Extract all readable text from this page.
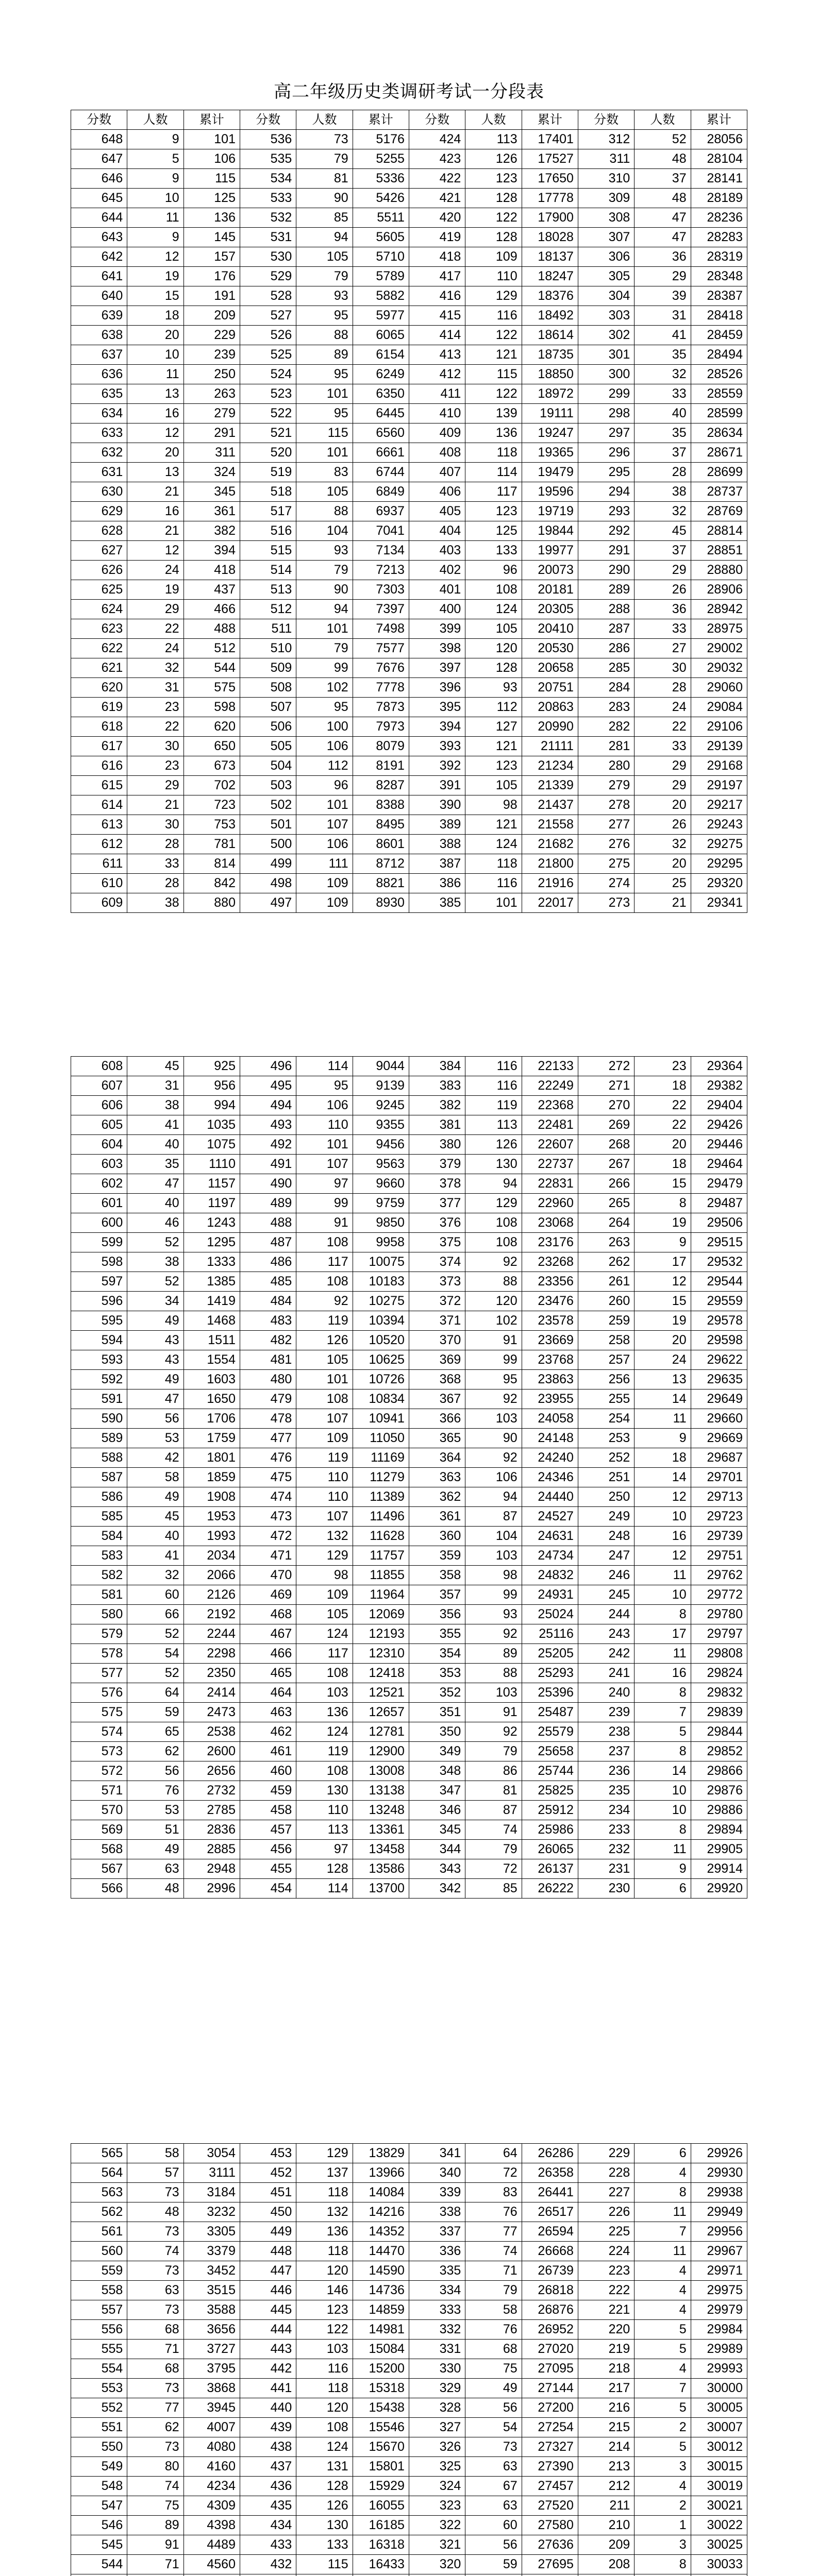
高二年级历史类调研考试一分段表
分数	人数	累计	分数	人数	累计	分数	人数	累计	分数	人数	累计
648	9	101	536	73	5176	424	113	17401	312	52	28056
647	5	106	535	79	5255	423	126	17527	311	48	28104
646	9	115	534	81	5336	422	123	17650	310	37	28141
645	10	125	533	90	5426	421	128	17778	309	48	28189
644	11	136	532	85	5511	420	122	17900	308	47	28236
643	9	145	531	94	5605	419	128	18028	307	47	28283
642	12	157	530	105	5710	418	109	18137	306	36	28319
641	19	176	529	79	5789	417	110	18247	305	29	28348
640	15	191	528	93	5882	416	129	18376	304	39	28387
639	18	209	527	95	5977	415	116	18492	303	31	28418
638	20	229	526	88	6065	414	122	18614	302	41	28459
637	10	239	525	89	6154	413	121	18735	301	35	28494
636	11	250	524	95	6249	412	115	18850	300	32	28526
635	13	263	523	101	6350	411	122	18972	299	33	28559
634	16	279	522	95	6445	410	139	19111	298	40	28599
633	12	291	521	115	6560	409	136	19247	297	35	28634
632	20	311	520	101	6661	408	118	19365	296	37	28671
631	13	324	519	83	6744	407	114	19479	295	28	28699
630	21	345	518	105	6849	406	117	19596	294	38	28737
629	16	361	517	88	6937	405	123	19719	293	32	28769
628	21	382	516	104	7041	404	125	19844	292	45	28814
627	12	394	515	93	7134	403	133	19977	291	37	28851
626	24	418	514	79	7213	402	96	20073	290	29	28880
625	19	437	513	90	7303	401	108	20181	289	26	28906
624	29	466	512	94	7397	400	124	20305	288	36	28942
623	22	488	511	101	7498	399	105	20410	287	33	28975
622	24	512	510	79	7577	398	120	20530	286	27	29002
621	32	544	509	99	7676	397	128	20658	285	30	29032
620	31	575	508	102	7778	396	93	20751	284	28	29060
619	23	598	507	95	7873	395	112	20863	283	24	29084
618	22	620	506	100	7973	394	127	20990	282	22	29106
617	30	650	505	106	8079	393	121	21111	281	33	29139
616	23	673	504	112	8191	392	123	21234	280	29	29168
615	29	702	503	96	8287	391	105	21339	279	29	29197
614	21	723	502	101	8388	390	98	21437	278	20	29217
613	30	753	501	107	8495	389	121	21558	277	26	29243
612	28	781	500	106	8601	388	124	21682	276	32	29275
611	33	814	499	111	8712	387	118	21800	275	20	29295
610	28	842	498	109	8821	386	116	21916	274	25	29320
609	38	880	497	109	8930	385	101	22017	273	21	29341
608	45	925	496	114	9044	384	116	22133	272	23	29364
607	31	956	495	95	9139	383	116	22249	271	18	29382
606	38	994	494	106	9245	382	119	22368	270	22	29404
605	41	1035	493	110	9355	381	113	22481	269	22	29426
604	40	1075	492	101	9456	380	126	22607	268	20	29446
603	35	1110	491	107	9563	379	130	22737	267	18	29464
602	47	1157	490	97	9660	378	94	22831	266	15	29479
601	40	1197	489	99	9759	377	129	22960	265	8	29487
600	46	1243	488	91	9850	376	108	23068	264	19	29506
599	52	1295	487	108	9958	375	108	23176	263	9	29515
598	38	1333	486	117	10075	374	92	23268	262	17	29532
597	52	1385	485	108	10183	373	88	23356	261	12	29544
596	34	1419	484	92	10275	372	120	23476	260	15	29559
595	49	1468	483	119	10394	371	102	23578	259	19	29578
594	43	1511	482	126	10520	370	91	23669	258	20	29598
593	43	1554	481	105	10625	369	99	23768	257	24	29622
592	49	1603	480	101	10726	368	95	23863	256	13	29635
591	47	1650	479	108	10834	367	92	23955	255	14	29649
590	56	1706	478	107	10941	366	103	24058	254	11	29660
589	53	1759	477	109	11050	365	90	24148	253	9	29669
588	42	1801	476	119	11169	364	92	24240	252	18	29687
587	58	1859	475	110	11279	363	106	24346	251	14	29701
586	49	1908	474	110	11389	362	94	24440	250	12	29713
585	45	1953	473	107	11496	361	87	24527	249	10	29723
584	40	1993	472	132	11628	360	104	24631	248	16	29739
583	41	2034	471	129	11757	359	103	24734	247	12	29751
582	32	2066	470	98	11855	358	98	24832	246	11	29762
581	60	2126	469	109	11964	357	99	24931	245	10	29772
580	66	2192	468	105	12069	356	93	25024	244	8	29780
579	52	2244	467	124	12193	355	92	25116	243	17	29797
578	54	2298	466	117	12310	354	89	25205	242	11	29808
577	52	2350	465	108	12418	353	88	25293	241	16	29824
576	64	2414	464	103	12521	352	103	25396	240	8	29832
575	59	2473	463	136	12657	351	91	25487	239	7	29839
574	65	2538	462	124	12781	350	92	25579	238	5	29844
573	62	2600	461	119	12900	349	79	25658	237	8	29852
572	56	2656	460	108	13008	348	86	25744	236	14	29866
571	76	2732	459	130	13138	347	81	25825	235	10	29876
570	53	2785	458	110	13248	346	87	25912	234	10	29886
569	51	2836	457	113	13361	345	74	25986	233	8	29894
568	49	2885	456	97	13458	344	79	26065	232	11	29905
567	63	2948	455	128	13586	343	72	26137	231	9	29914
566	48	2996	454	114	13700	342	85	26222	230	6	29920
565	58	3054	453	129	13829	341	64	26286	229	6	29926
564	57	3111	452	137	13966	340	72	26358	228	4	29930
563	73	3184	451	118	14084	339	83	26441	227	8	29938
562	48	3232	450	132	14216	338	76	26517	226	11	29949
561	73	3305	449	136	14352	337	77	26594	225	7	29956
560	74	3379	448	118	14470	336	74	26668	224	11	29967
559	73	3452	447	120	14590	335	71	26739	223	4	29971
558	63	3515	446	146	14736	334	79	26818	222	4	29975
557	73	3588	445	123	14859	333	58	26876	221	4	29979
556	68	3656	444	122	14981	332	76	26952	220	5	29984
555	71	3727	443	103	15084	331	68	27020	219	5	29989
554	68	3795	442	116	15200	330	75	27095	218	4	29993
553	73	3868	441	118	15318	329	49	27144	217	7	30000
552	77	3945	440	120	15438	328	56	27200	216	5	30005
551	62	4007	439	108	15546	327	54	27254	215	2	30007
550	73	4080	438	124	15670	326	73	27327	214	5	30012
549	80	4160	437	131	15801	325	63	27390	213	3	30015
548	74	4234	436	128	15929	324	67	27457	212	4	30019
547	75	4309	435	126	16055	323	63	27520	211	2	30021
546	89	4398	434	130	16185	322	60	27580	210	1	30022
545	91	4489	433	133	16318	321	56	27636	209	3	30025
544	71	4560	432	115	16433	320	59	27695	208	8	30033
